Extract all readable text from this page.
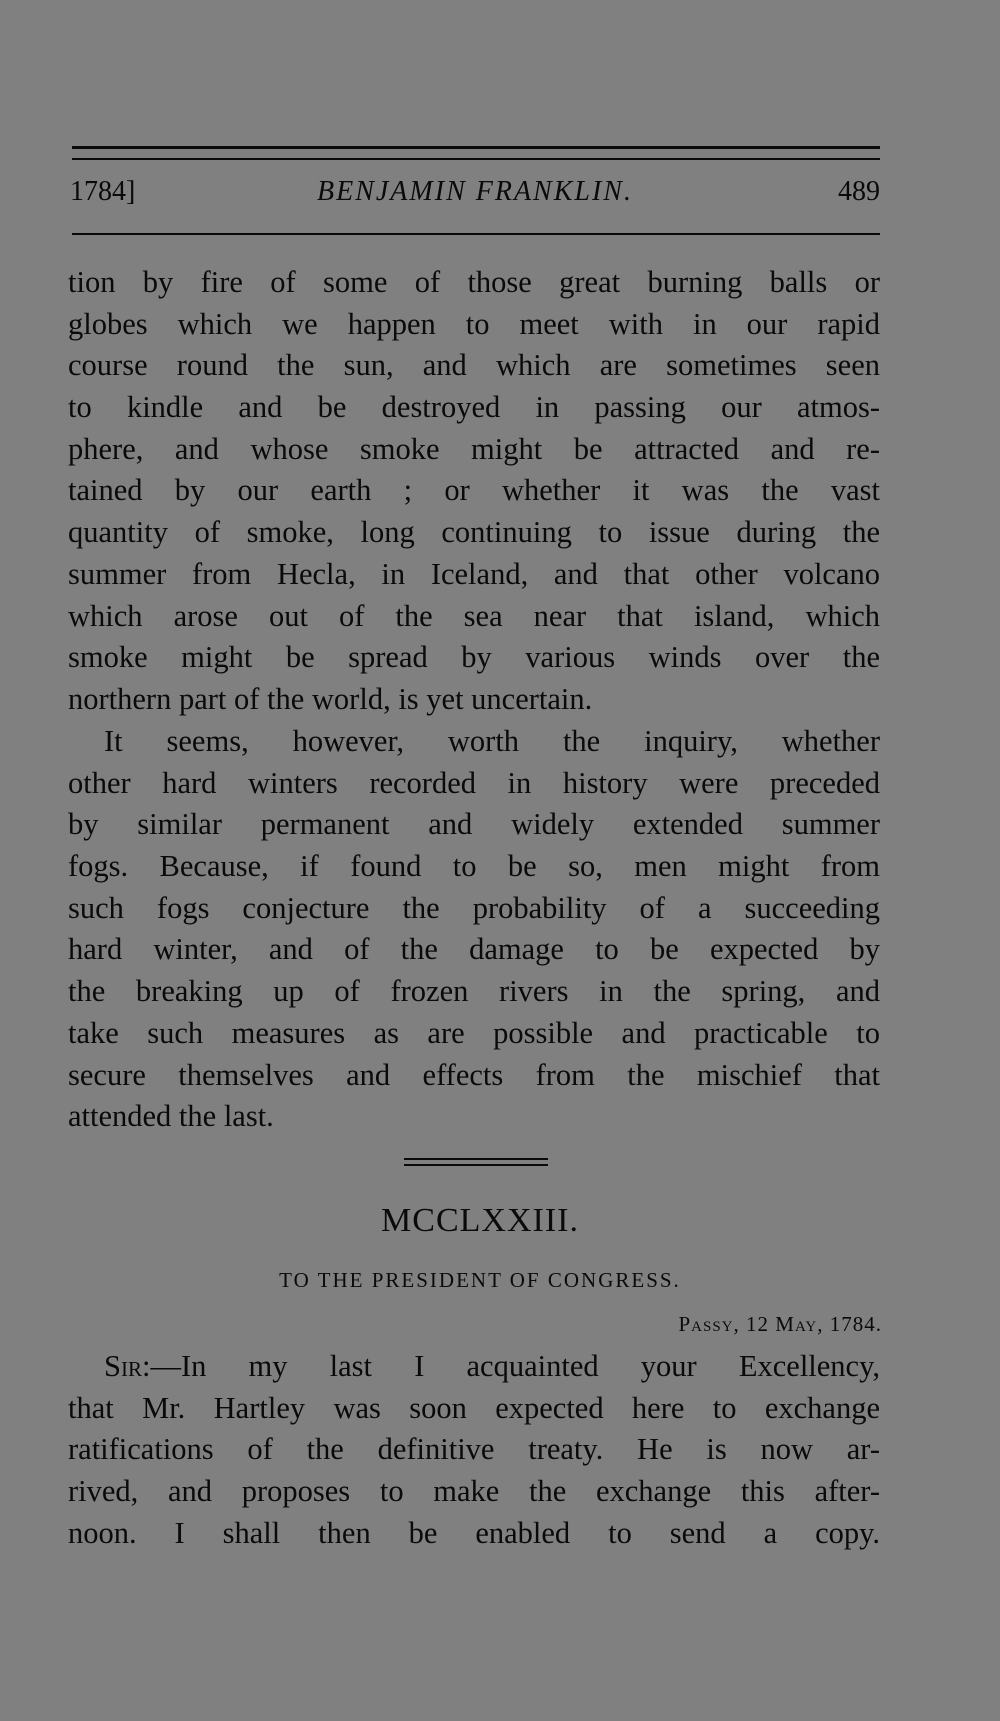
1784]	BENJAMIN FRANKLIN.	489
tion by fire of some of those great burning balls or
globes which we happen to meet with in our rapid
course round the sun, and which are sometimes seen
to kindle and be destroyed in passing our atmos-
phere, and whose smoke might be attracted and re-
tained by our earth ; or whether it was the vast
quantity of smoke, long continuing to issue during the
summer from Hecla, in Iceland, and that other volcano
which arose out of the sea near that island, which
smoke might be spread by various winds over the
northern part of the world, is yet uncertain.
It seems, however, worth the inquiry, whether
other hard winters recorded in history were preceded
by similar permanent and widely extended summer
fogs. Because, if found to be so, men might from
such fogs conjecture the probability of a succeeding
hard winter, and of the damage to be expected by
the breaking up of frozen rivers in the spring, and
take such measures as are possible and practicable to
secure themselves and effects from the mischief that
attended the last.
MCCLXXIII.
TO THE PRESIDENT OF CONGRESS.
Passy, 12 May, 1784.
Sir:—In my last I acquainted your Excellency,
that Mr. Hartley was soon expected here to exchange
ratifications of the definitive treaty. He is now ar-
rived, and proposes to make the exchange this after-
noon. I shall then be enabled to send a copy.
